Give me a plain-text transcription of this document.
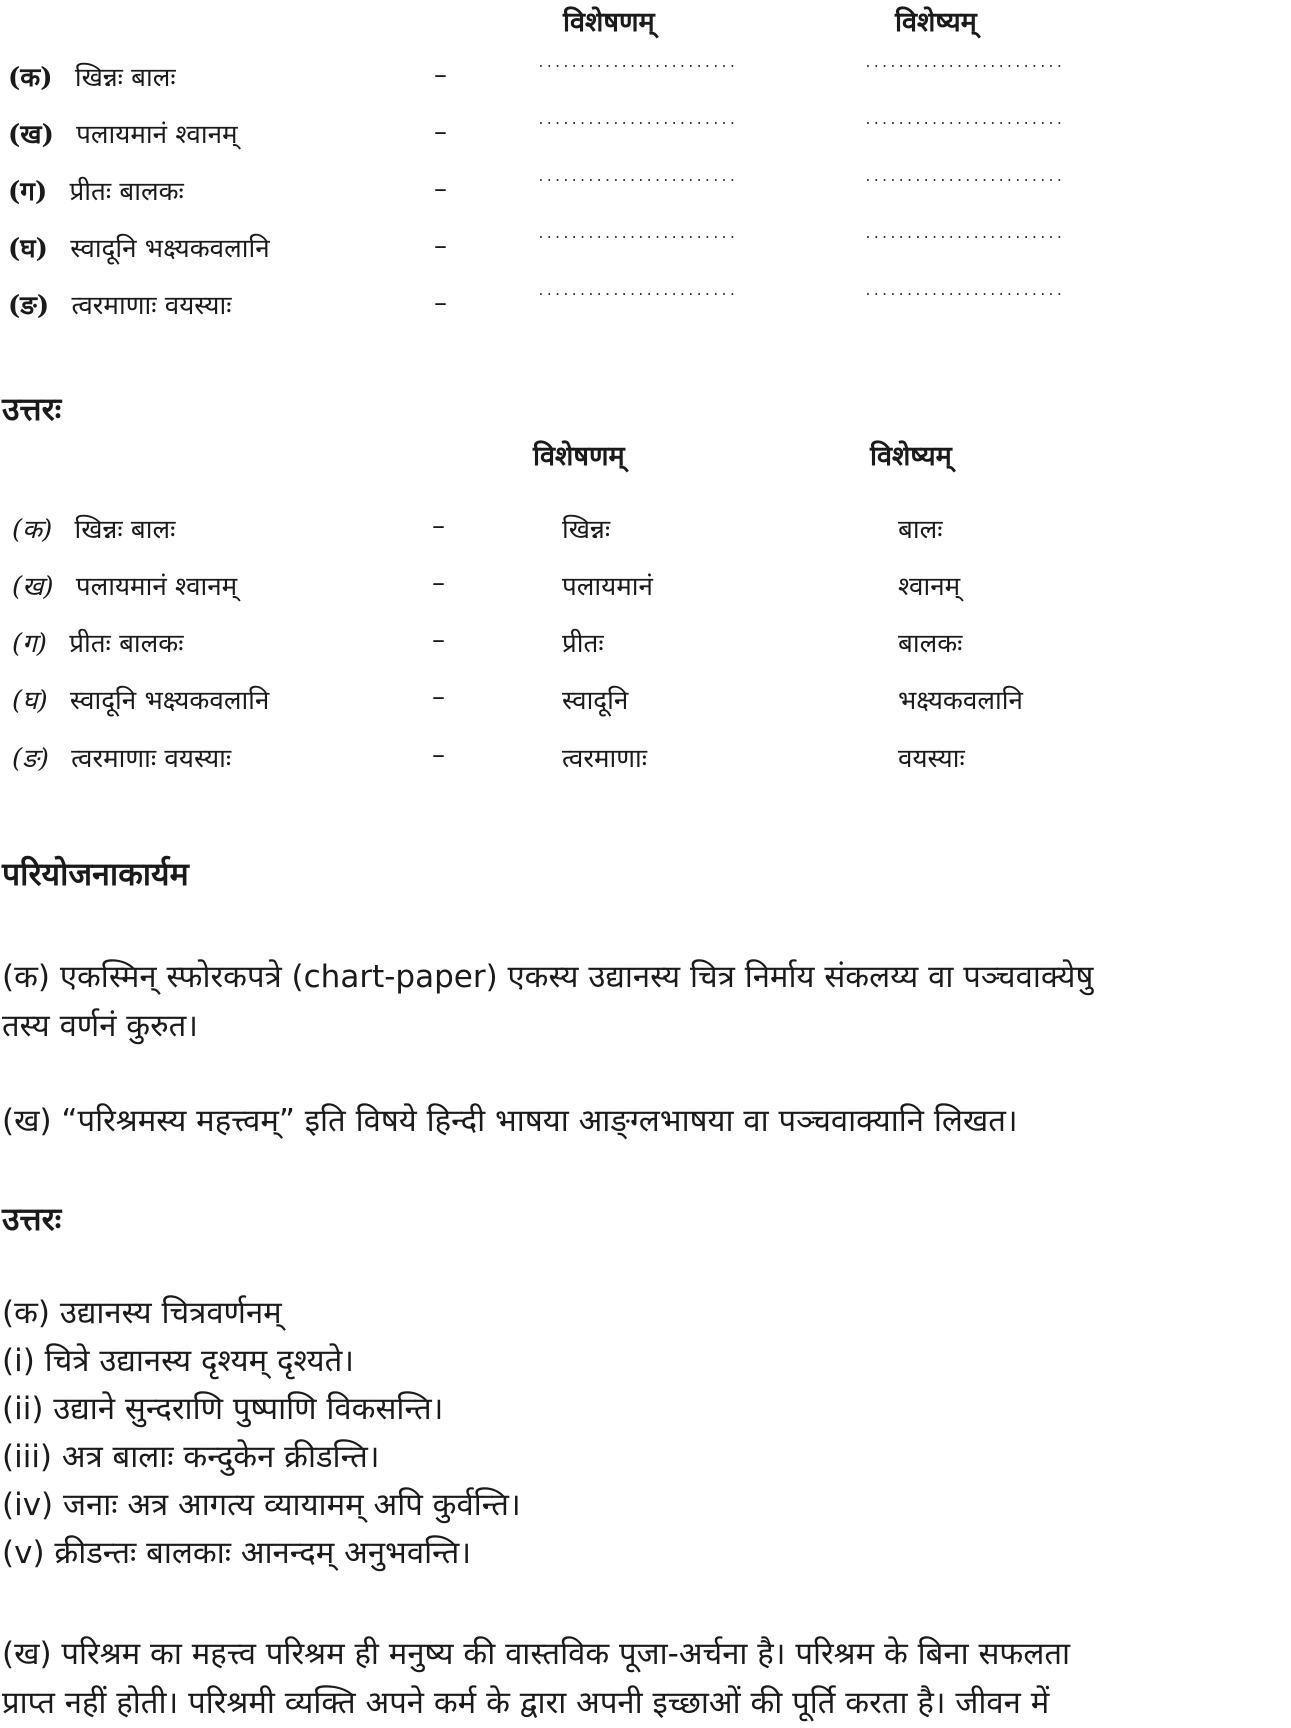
विशेषणम्	विशेष्यम्
(क) खिन्नः बालः	–	........................	........................
(ख) पलायमानं श्वानम्	–	........................	........................
(ग) प्रीतः बालकः	–	........................	........................
(घ) स्वादूनि भक्ष्यकवलानि	–	........................	........................
(ङ) त्वरमाणाः वयस्याः	–	........................	........................
उत्तरः
विशेषणम्	विशेष्यम्
(क) खिन्नः बालः	–	खिन्नः	बालः
(ख) पलायमानं श्वानम्	–	पलायमानं	श्वानम्
(ग) प्रीतः बालकः	–	प्रीतः	बालकः
(घ) स्वादूनि भक्ष्यकवलानि	–	स्वादूनि	भक्ष्यकवलानि
(ङ) त्वरमाणाः वयस्याः	–	त्वरमाणाः	वयस्याः
परियोजनाकार्यम
(क) एकस्मिन् स्फोरकपत्रे (chart-paper) एकस्य उद्यानस्य चित्र निर्माय संकलय्य वा पञ्चवाक्येषु
तस्य वर्णनं कुरुत।
(ख) “परिश्रमस्य महत्त्वम्” इति विषये हिन्दी भाषया आङ्ग्लभाषया वा पञ्चवाक्यानि लिखत।
उत्तरः
(क) उद्यानस्य चित्रवर्णनम्
(i) चित्रे उद्यानस्य दृश्यम् दृश्यते।
(ii) उद्याने सुन्दराणि पुष्पाणि विकसन्ति।
(iii) अत्र बालाः कन्दुकेन क्रीडन्ति।
(iv) जनाः अत्र आगत्य व्यायामम् अपि कुर्वन्ति।
(v) क्रीडन्तः बालकाः आनन्दम् अनुभवन्ति।
(ख) परिश्रम का महत्त्व परिश्रम ही मनुष्य की वास्तविक पूजा-अर्चना है। परिश्रम के बिना सफलता
प्राप्त नहीं होती। परिश्रमी व्यक्ति अपने कर्म के द्वारा अपनी इच्छाओं की पूर्ति करता है। जीवन में
